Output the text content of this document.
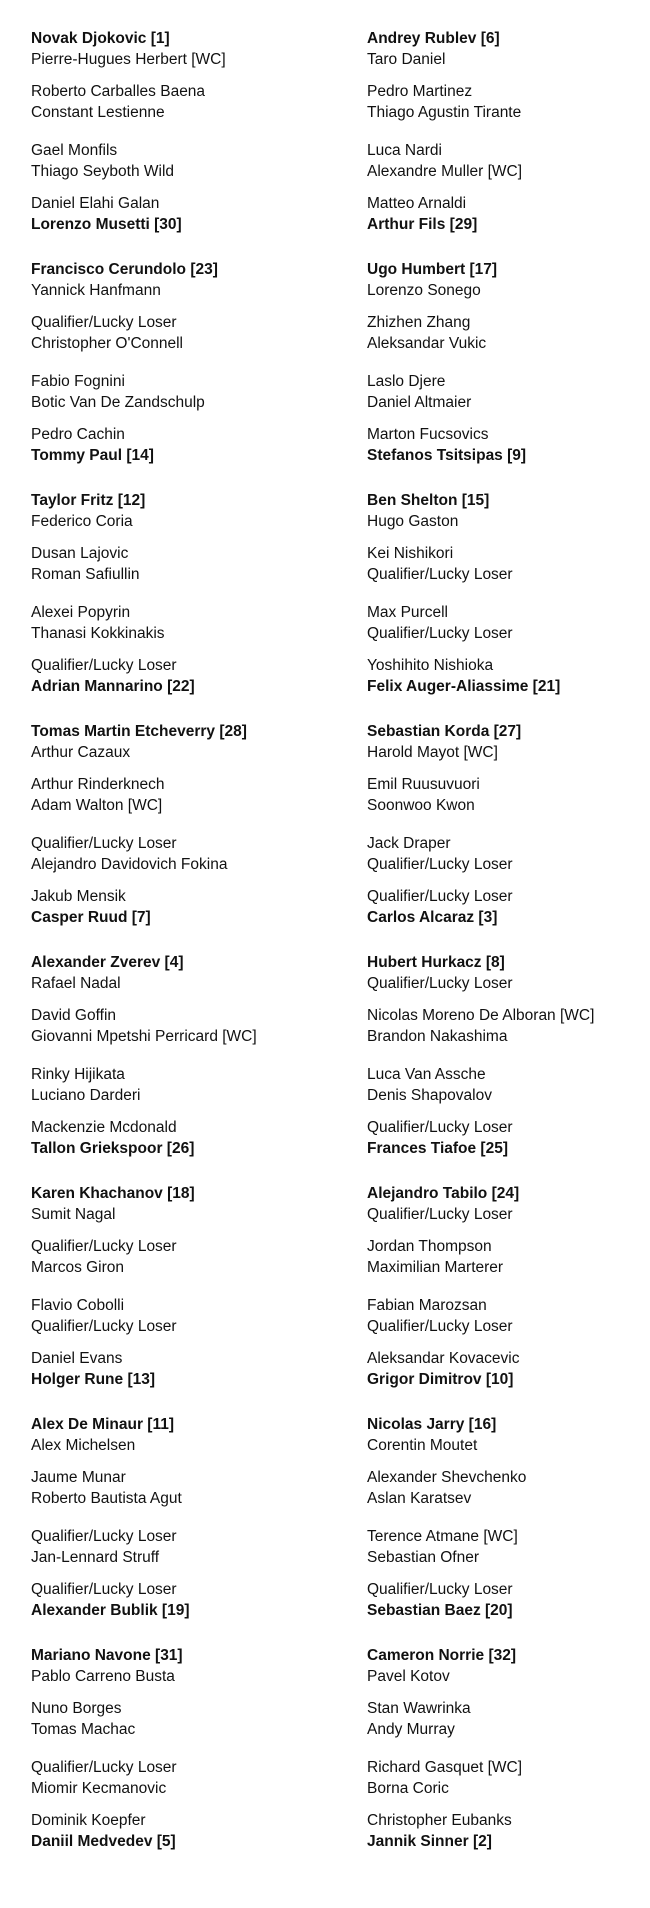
Novak Djokovic [1]
Pierre-Hugues Herbert [WC]
Roberto Carballes Baena
Constant Lestienne
Gael Monfils
Thiago Seyboth Wild
Daniel Elahi Galan
Lorenzo Musetti [30]
Francisco Cerundolo [23]
Yannick Hanfmann
Qualifier/Lucky Loser
Christopher O'Connell
Fabio Fognini
Botic Van De Zandschulp
Pedro Cachin
Tommy Paul [14]
Taylor Fritz [12]
Federico Coria
Dusan Lajovic
Roman Safiullin
Alexei Popyrin
Thanasi Kokkinakis
Qualifier/Lucky Loser
Adrian Mannarino [22]
Tomas Martin Etcheverry [28]
Arthur Cazaux
Arthur Rinderknech
Adam Walton [WC]
Qualifier/Lucky Loser
Alejandro Davidovich Fokina
Jakub Mensik
Casper Ruud [7]
Alexander Zverev [4]
Rafael Nadal
David Goffin
Giovanni Mpetshi Perricard [WC]
Rinky Hijikata
Luciano Darderi
Mackenzie Mcdonald
Tallon Griekspoor [26]
Karen Khachanov [18]
Sumit Nagal
Qualifier/Lucky Loser
Marcos Giron
Flavio Cobolli
Qualifier/Lucky Loser
Daniel Evans
Holger Rune [13]
Alex De Minaur [11]
Alex Michelsen
Jaume Munar
Roberto Bautista Agut
Qualifier/Lucky Loser
Jan-Lennard Struff
Qualifier/Lucky Loser
Alexander Bublik [19]
Mariano Navone [31]
Pablo Carreno Busta
Nuno Borges
Tomas Machac
Qualifier/Lucky Loser
Miomir Kecmanovic
Dominik Koepfer
Daniil Medvedev [5]
Andrey Rublev [6]
Taro Daniel
Pedro Martinez
Thiago Agustin Tirante
Luca Nardi
Alexandre Muller [WC]
Matteo Arnaldi
Arthur Fils [29]
Ugo Humbert [17]
Lorenzo Sonego
Zhizhen Zhang
Aleksandar Vukic
Laslo Djere
Daniel Altmaier
Marton Fucsovics
Stefanos Tsitsipas [9]
Ben Shelton [15]
Hugo Gaston
Kei Nishikori
Qualifier/Lucky Loser
Max Purcell
Qualifier/Lucky Loser
Yoshihito Nishioka
Felix Auger-Aliassime [21]
Sebastian Korda [27]
Harold Mayot [WC]
Emil Ruusuvuori
Soonwoo Kwon
Jack Draper
Qualifier/Lucky Loser
Qualifier/Lucky Loser
Carlos Alcaraz [3]
Hubert Hurkacz [8]
Qualifier/Lucky Loser
Nicolas Moreno De Alboran [WC]
Brandon Nakashima
Luca Van Assche
Denis Shapovalov
Qualifier/Lucky Loser
Frances Tiafoe [25]
Alejandro Tabilo [24]
Qualifier/Lucky Loser
Jordan Thompson
Maximilian Marterer
Fabian Marozsan
Qualifier/Lucky Loser
Aleksandar Kovacevic
Grigor Dimitrov [10]
Nicolas Jarry [16]
Corentin Moutet
Alexander Shevchenko
Aslan Karatsev
Terence Atmane [WC]
Sebastian Ofner
Qualifier/Lucky Loser
Sebastian Baez [20]
Cameron Norrie [32]
Pavel Kotov
Stan Wawrinka
Andy Murray
Richard Gasquet [WC]
Borna Coric
Christopher Eubanks
Jannik Sinner [2]
